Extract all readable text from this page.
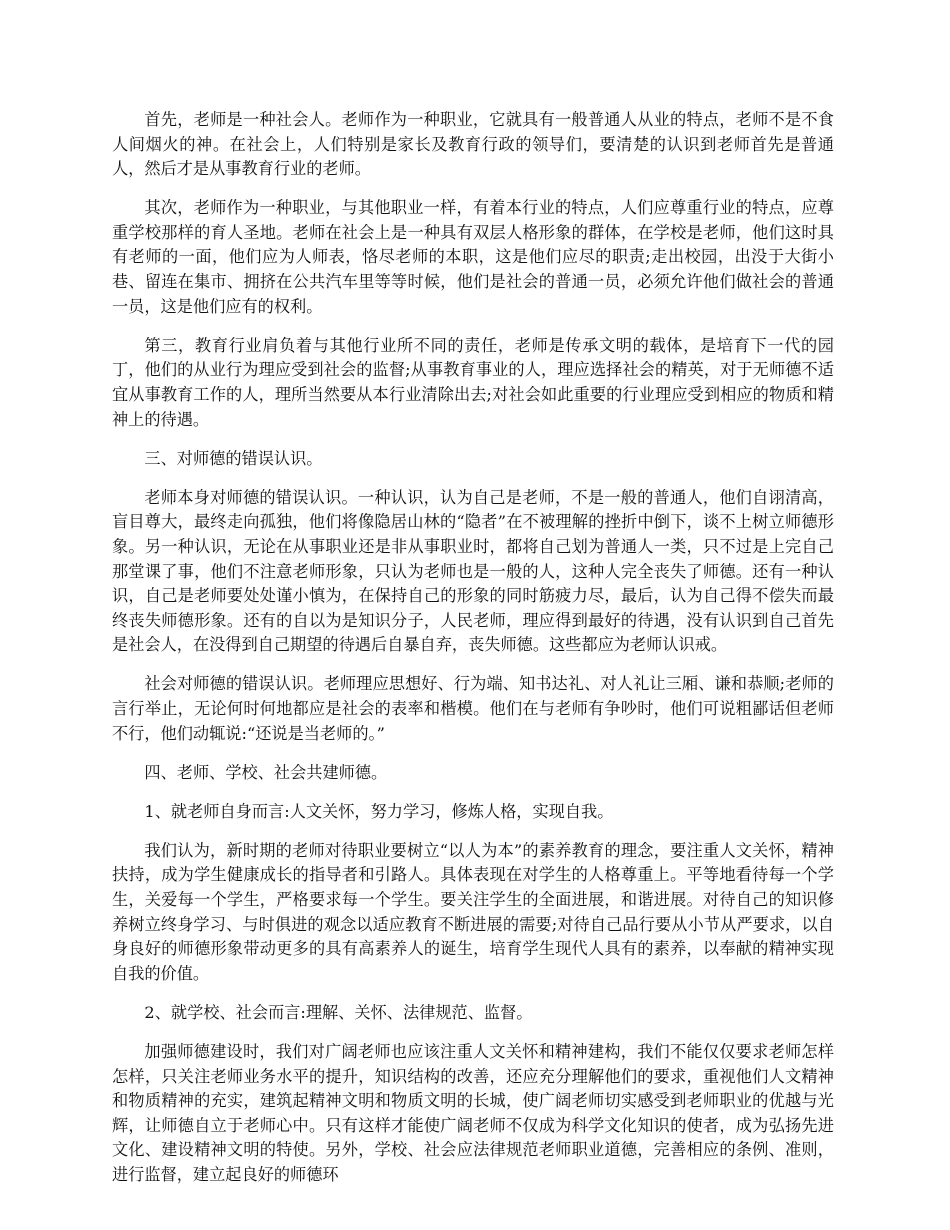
首先，老师是一种社会人。老师作为一种职业，它就具有一般普通人从业的特点，老师不是不食人间烟火的神。在社会上，人们特别是家长及教育行政的领导们，要清楚的认识到老师首先是普通人，然后才是从事教育行业的老师。

其次，老师作为一种职业，与其他职业一样，有着本行业的特点，人们应尊重行业的特点，应尊重学校那样的育人圣地。老师在社会上是一种具有双层人格形象的群体，在学校是老师，他们这时具有老师的一面，他们应为人师表，恪尽老师的本职，这是他们应尽的职责;走出校园，出没于大街小巷、留连在集市、拥挤在公共汽车里等等时候，他们是社会的普通一员，必须允许他们做社会的普通一员，这是他们应有的权利。

第三，教育行业肩负着与其他行业所不同的责任，老师是传承文明的载体，是培育下一代的园丁，他们的从业行为理应受到社会的监督;从事教育事业的人，理应选择社会的精英，对于无师德不适宜从事教育工作的人，理所当然要从本行业清除出去;对社会如此重要的行业理应受到相应的物质和精神上的待遇。

三、对师德的错误认识。

老师本身对师德的错误认识。一种认识，认为自己是老师，不是一般的普通人，他们自诩清高，盲目尊大，最终走向孤独，他们将像隐居山林的“隐者”在不被理解的挫折中倒下，谈不上树立师德形象。另一种认识，无论在从事职业还是非从事职业时，都将自己划为普通人一类，只不过是上完自己那堂课了事，他们不注意老师形象，只认为老师也是一般的人，这种人完全丧失了师德。还有一种认识，自己是老师要处处谨小慎为，在保持自己的形象的同时筋疲力尽，最后，认为自己得不偿失而最终丧失师德形象。还有的自以为是知识分子，人民老师，理应得到最好的待遇，没有认识到自己首先是社会人，在没得到自己期望的待遇后自暴自弃，丧失师德。这些都应为老师认识戒。

社会对师德的错误认识。老师理应思想好、行为端、知书达礼、对人礼让三厢、谦和恭顺;老师的言行举止，无论何时何地都应是社会的表率和楷模。他们在与老师有争吵时，他们可说粗鄙话但老师不行，他们动辄说:“还说是当老师的。”

四、老师、学校、社会共建师德。

1、就老师自身而言:人文关怀，努力学习，修炼人格，实现自我。

我们认为，新时期的老师对待职业要树立“以人为本”的素养教育的理念，要注重人文关怀，精神扶持，成为学生健康成长的指导者和引路人。具体表现在对学生的人格尊重上。平等地看待每一个学生，关爱每一个学生，严格要求每一个学生。要关注学生的全面进展，和谐进展。对待自己的知识修养树立终身学习、与时俱进的观念以适应教育不断进展的需要;对待自己品行要从小节从严要求，以自身良好的师德形象带动更多的具有高素养人的诞生，培育学生现代人具有的素养，以奉献的精神实现自我的价值。

2、就学校、社会而言:理解、关怀、法律规范、监督。

加强师德建设时，我们对广阔老师也应该注重人文关怀和精神建构，我们不能仅仅要求老师怎样怎样，只关注老师业务水平的提升，知识结构的改善，还应充分理解他们的要求，重视他们人文精神和物质精神的充实，建筑起精神文明和物质文明的长城，使广阔老师切实感受到老师职业的优越与光辉，让师德自立于老师心中。只有这样才能使广阔老师不仅成为科学文化知识的使者，成为弘扬先进文化、建设精神文明的特使。另外，学校、社会应法律规范老师职业道德，完善相应的条例、准则，进行监督，建立起良好的师德环
